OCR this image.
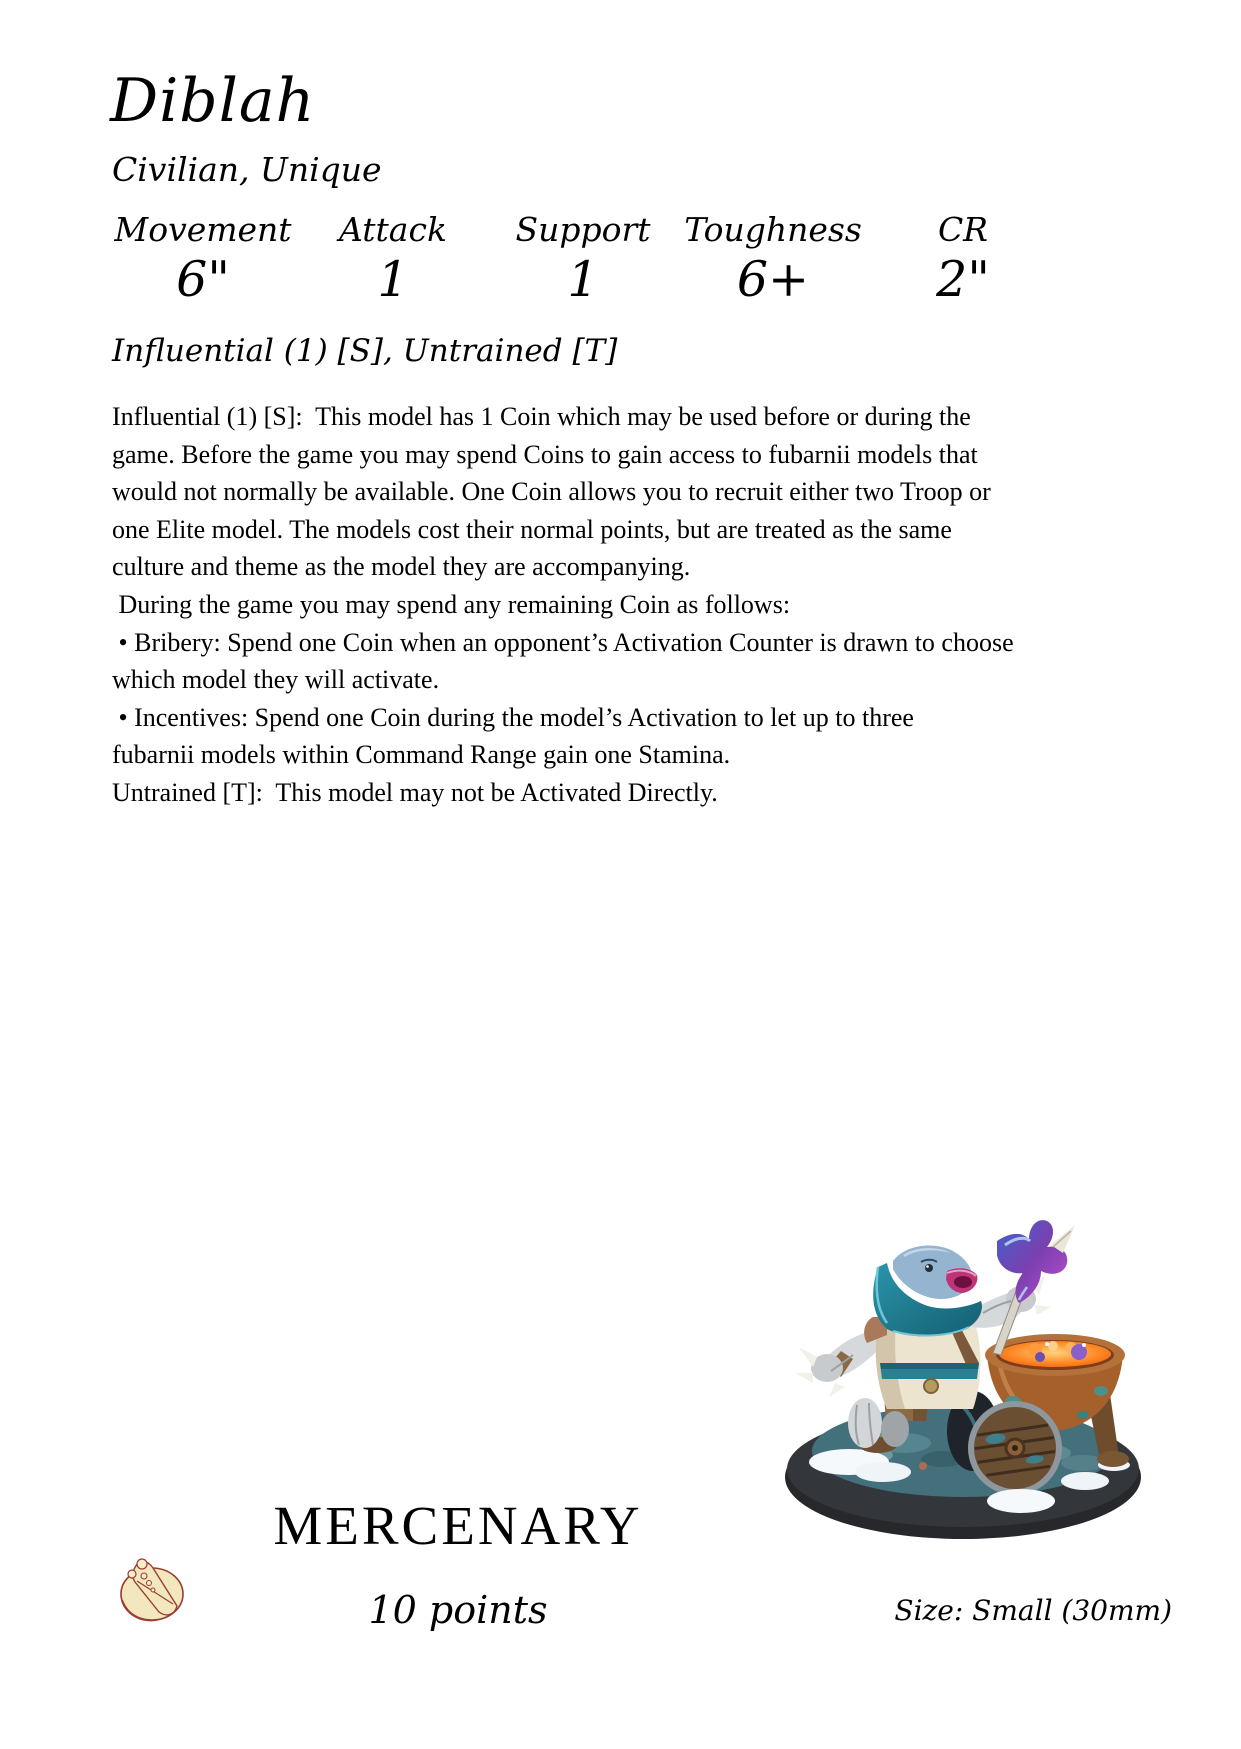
Diblah
Civilian, Unique
Movement
6"
Attack
1
Support
1
Toughness
6+
CR
2"
Influential (1) [S], Untrained [T]
Influential (1) [S]:  This model has 1 Coin which may be used before or during the
game. Before the game you may spend Coins to gain access to fubarnii models that
would not normally be available. One Coin allows you to recruit either two Troop or
one Elite model. The models cost their normal points, but are treated as the same
culture and theme as the model they are accompanying.
During the game you may spend any remaining Coin as follows:
• Bribery: Spend one Coin when an opponent’s Activation Counter is drawn to choose
which model they will activate.
• Incentives: Spend one Coin during the model’s Activation to let up to three
fubarnii models within Command Range gain one Stamina.
Untrained [T]:  This model may not be Activated Directly.
MERCENARY
10 points	Size: Small (30mm)
